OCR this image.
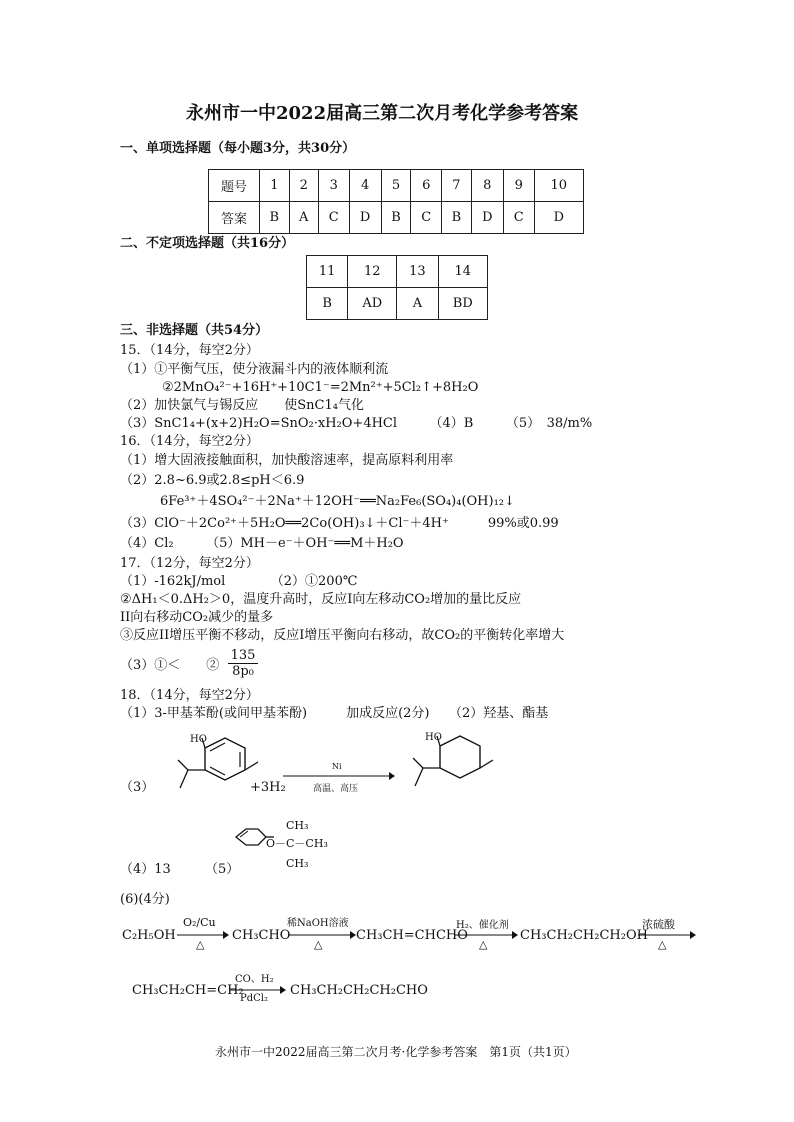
永州市一中2022届高三第二次月考化学参考答案
一、单项选择题（每小题3分，共30分）
题号	1	2	3	4	5	6	7	8	9	10
答案	B	A	C	D	B	C	B	D	C	D
二、不定项选择题（共16分）
11	12	13	14
B	AD	A	BD
三、非选择题（共54分）
15．（14分，每空2分）
（1）①平衡气压，使分液漏斗内的液体顺利流
②2MnO₄²⁻+16H⁺+10C1⁻=2Mn²⁺+5Cl₂↑+8H₂O
（2）加快氯气与锡反应　　使SnC1₄气化
（3）SnC1₄+(x+2)H₂O=SnO₂·xH₂O+4HCl　　　（4）B　　　（5）　38/m%
16．（14分，每空2分）
（1）增大固液接触面积，加快酸溶速率，提高原料利用率
（2）2.8~6.9或2.8≤pH＜6.9
6Fe³⁺＋4SO₄²⁻＋2Na⁺＋12OH⁻══Na₂Fe₆(SO₄)₄(OH)₁₂↓
（3）ClO⁻＋2Co²⁺＋5H₂O══2Co(OH)₃↓＋Cl⁻＋4H⁺　　　99%或0.99
（4）Cl₂　　　（5）MH－e⁻＋OH⁻══M＋H₂O
17．（12分，每空2分）
（1）-162kJ/mol　　　　（2）①200℃
②ΔH₁＜0.ΔH₂＞0，温度升高时，反应I向左移动CO₂增加的量比反应
II向右移动CO₂减少的量多
③反应II增压平衡不移动，反应I增压平衡向右移动，故CO₂的平衡转化率增大
（3）①＜　　② $\frac{135}{\text{8p₀}}$
18．（14分，每空2分）
（1）3-甲基苯酚(或间甲基苯酚)　　　加成反应(2分)　　（2）羟基、酯基
（3）
HO
+3H₂
Ni
高温、高压
HO
CH₃
O－C－CH₃
CH₃
（4）13	（5）
(6)(4分)
C₂H₅OH
O₂/Cu
△
CH₃CHO
稀NaOH溶液
△
CH₃CH=CHCHO
H₂、催化剂
△
CH₃CH₂CH₂CH₂OH
浓硫酸
△
CH₃CH₂CH=CH₂
CO、H₂
PdCl₂
CH₃CH₂CH₂CH₂CHO
永州市一中2022届高三第二次月考·化学参考答案　第1页（共1页）
